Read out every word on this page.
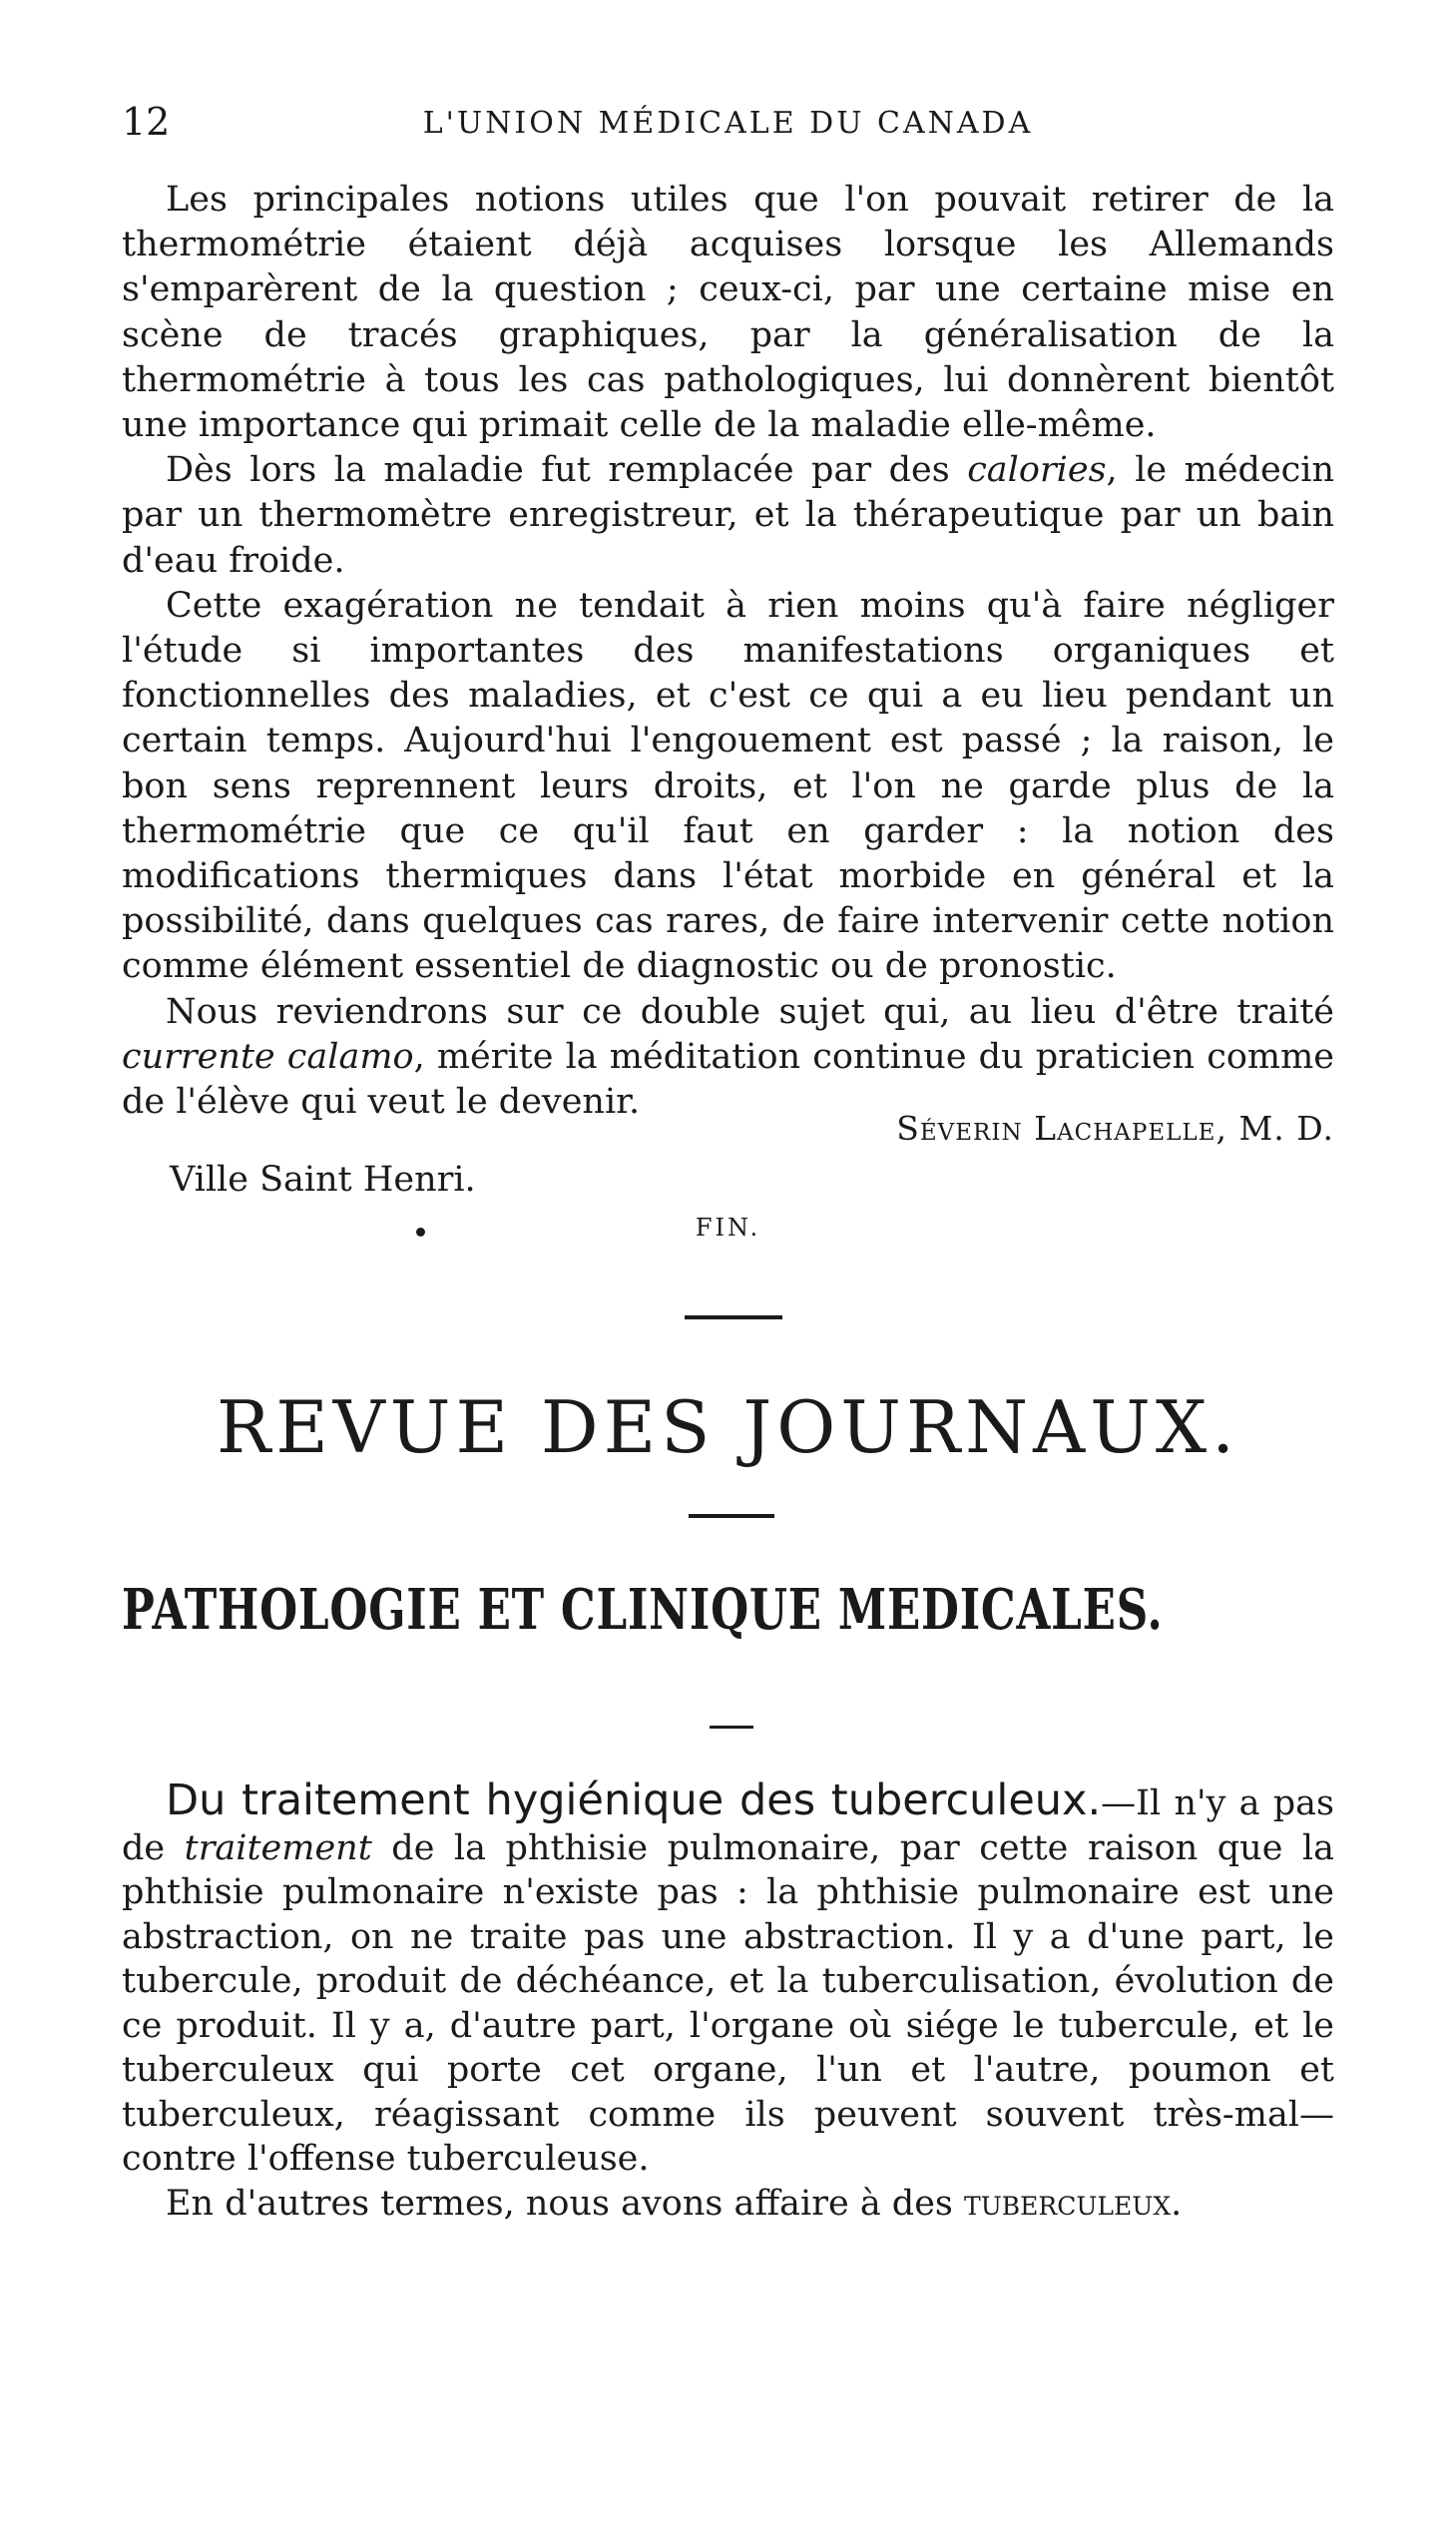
12	L'UNION MÉDICALE DU CANADA

Les principales notions utiles que l'on pouvait retirer de la thermométrie étaient déjà acquises lorsque les Allemands s'emparèrent de la question ; ceux-ci, par une certaine mise en scène de tracés graphiques, par la généralisation de la thermométrie à tous les cas pathologiques, lui donnèrent bientôt une importance qui primait celle de la maladie elle-même.

Dès lors la maladie fut remplacée par des calories, le médecin par un thermomètre enregistreur, et la thérapeutique par un bain d'eau froide.

Cette exagération ne tendait à rien moins qu'à faire négliger l'étude si importantes des manifestations organiques et fonctionnelles des maladies, et c'est ce qui a eu lieu pendant un certain temps. Aujourd'hui l'engouement est passé ; la raison, le bon sens reprennent leurs droits, et l'on ne garde plus de la thermométrie que ce qu'il faut en garder : la notion des modifications thermiques dans l'état morbide en général et la possibilité, dans quelques cas rares, de faire intervenir cette notion comme élément essentiel de diagnostic ou de pronostic.

Nous reviendrons sur ce double sujet qui, au lieu d'être traité currente calamo, mérite la méditation continue du praticien comme de l'élève qui veut le devenir.

Séverin Lachapelle, M. D.
Ville Saint Henri.
FIN.
REVUE DES JOURNAUX.
PATHOLOGIE ET CLINIQUE MEDICALES.

Du traitement hygiénique des tuberculeux.—Il n'y a pas de traitement de la phthisie pulmonaire, par cette raison que la phthisie pulmonaire n'existe pas : la phthisie pulmonaire est une abstraction, on ne traite pas une abstraction. Il y a d'une part, le tubercule, produit de déchéance, et la tuberculisation, évolution de ce produit. Il y a, d'autre part, l'organe où siége le tubercule, et le tuberculeux qui porte cet organe, l'un et l'autre, poumon et tuberculeux, réagissant comme ils peuvent souvent très-mal—contre l'offense tuberculeuse.

En d'autres termes, nous avons affaire à des tuberculeux.
